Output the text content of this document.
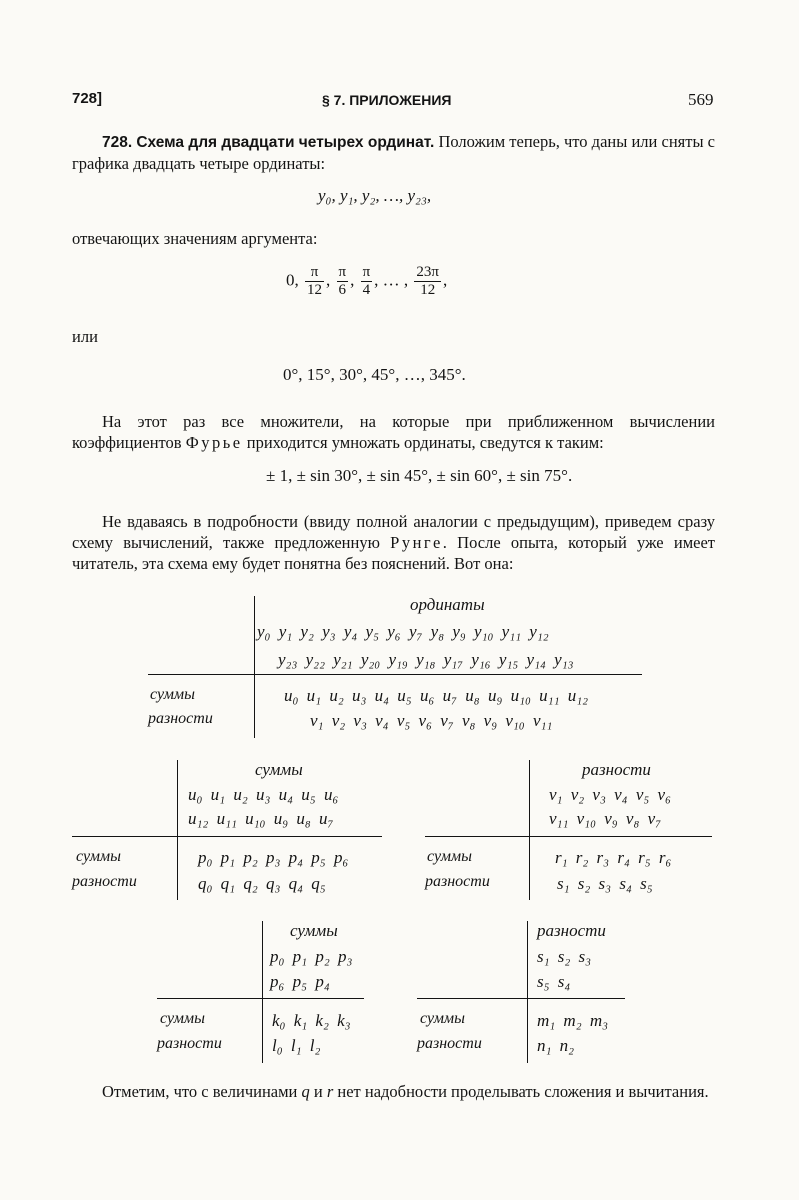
728]	§ 7. ПРИЛОЖЕНИЯ	569
728. Схема для двадцати четырех ординат. Положим теперь, что даны или сняты с графика двадцать четыре ординаты:
y₀, y₁, y₂, …, y₂₃,
отвечающих значениям аргумента:
0, $\frac{\pi}{12}$ , $\frac{\pi}{6}$ , $\frac{\pi}{4}$ , … , $\frac{23\pi}{12}$ ,
или
0°, 15°, 30°, 45°, …, 345°.
На этот раз все множители, на которые при приближенном вычислении коэффициентов Фурье приходится умножать ординаты, сведутся к таким:
± 1, ± sin 30°, ± sin 45°, ± sin 60°, ± sin 75°.
Не вдаваясь в подробности (ввиду полной аналогии с предыдущим), приведем сразу схему вычислений, также предложенную Рунге. После опыта, который уже имеет читатель, эта схема ему будет понятна без пояснений. Вот она:
ординаты
y₀ y₁ y₂ y₃ y₄ y₅ y₆ y₇ y₈ y₉ y₁₀ y₁₁ y₁₂
y₂₃ y₂₂ y₂₁ y₂₀ y₁₉ y₁₈ y₁₇ y₁₆ y₁₅ y₁₄ y₁₃
суммы
разности
u₀ u₁ u₂ u₃ u₄ u₅ u₆ u₇ u₈ u₉ u₁₀ u₁₁ u₁₂
v₁ v₂ v₃ v₄ v₅ v₆ v₇ v₈ v₉ v₁₀ v₁₁
суммы
u₀ u₁ u₂ u₃ u₄ u₅ u₆
u₁₂ u₁₁ u₁₀ u₉ u₈ u₇
суммы
разности
p₀ p₁ p₂ p₃ p₄ p₅ p₆
q₀ q₁ q₂ q₃ q₄ q₅
разности
v₁ v₂ v₃ v₄ v₅ v₆
v₁₁ v₁₀ v₉ v₈ v₇
суммы
разности
r₁ r₂ r₃ r₄ r₅ r₆
s₁ s₂ s₃ s₄ s₅
суммы
p₀ p₁ p₂ p₃
p₆ p₅ p₄
суммы
разности
k₀ k₁ k₂ k₃
l₀ l₁ l₂
разности
s₁ s₂ s₃
s₅ s₄
суммы
разности
m₁ m₂ m₃
n₁ n₂
Отметим, что с величинами q и r нет надобности проделывать сложения и вычитания.
